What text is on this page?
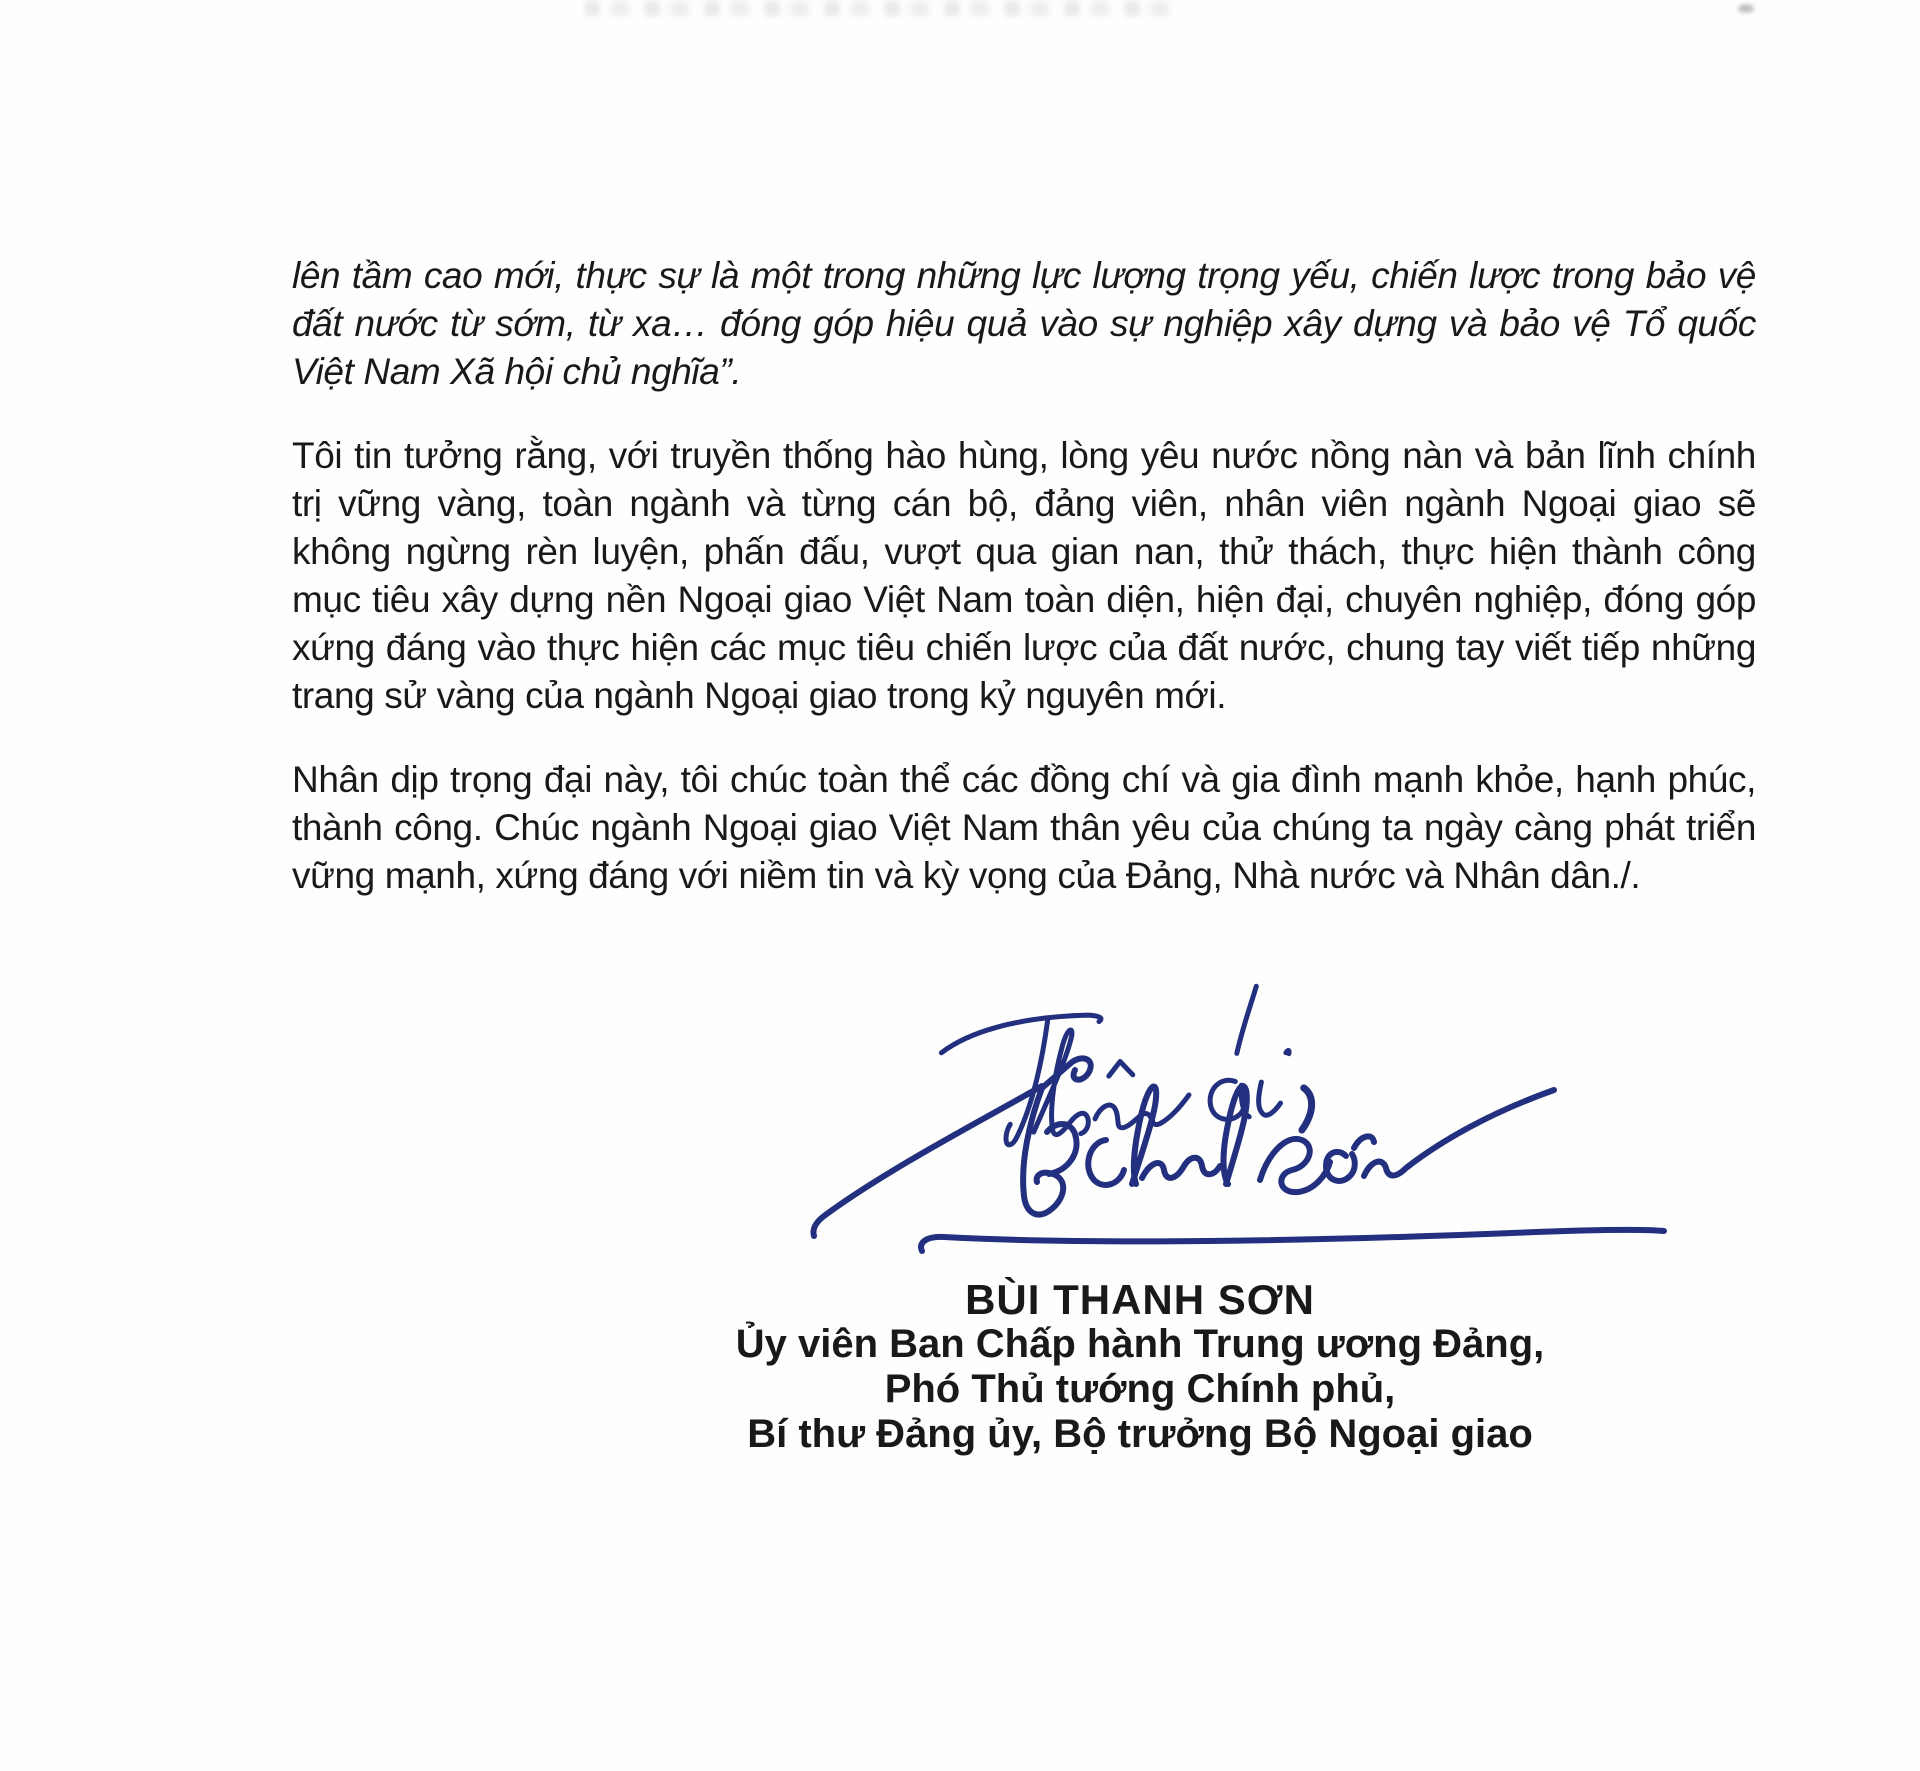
lên tầm cao mới, thực sự là một trong những lực lượng trọng yếu, chiến lược trong bảo vệ đất nước từ sớm, từ xa… đóng góp hiệu quả vào sự nghiệp xây dựng và bảo vệ Tổ quốc Việt Nam Xã hội chủ nghĩa”.

Tôi tin tưởng rằng, với truyền thống hào hùng, lòng yêu nước nồng nàn và bản lĩnh chính trị vững vàng, toàn ngành và từng cán bộ, đảng viên, nhân viên ngành Ngoại giao sẽ không ngừng rèn luyện, phấn đấu, vượt qua gian nan, thử thách, thực hiện thành công mục tiêu xây dựng nền Ngoại giao Việt Nam toàn diện, hiện đại, chuyên nghiệp, đóng góp xứng đáng vào thực hiện các mục tiêu chiến lược của đất nước, chung tay viết tiếp những trang sử vàng của ngành Ngoại giao trong kỷ nguyên mới.

Nhân dịp trọng đại này, tôi chúc toàn thể các đồng chí và gia đình mạnh khỏe, hạnh phúc, thành công. Chúc ngành Ngoại giao Việt Nam thân yêu của chúng ta ngày càng phát triển vững mạnh, xứng đáng với niềm tin và kỳ vọng của Đảng, Nhà nước và Nhân dân./.

BÙI THANH SƠN

Ủy viên Ban Chấp hành Trung ương Đảng,

Phó Thủ tướng Chính phủ,

Bí thư Đảng ủy, Bộ trưởng Bộ Ngoại giao
